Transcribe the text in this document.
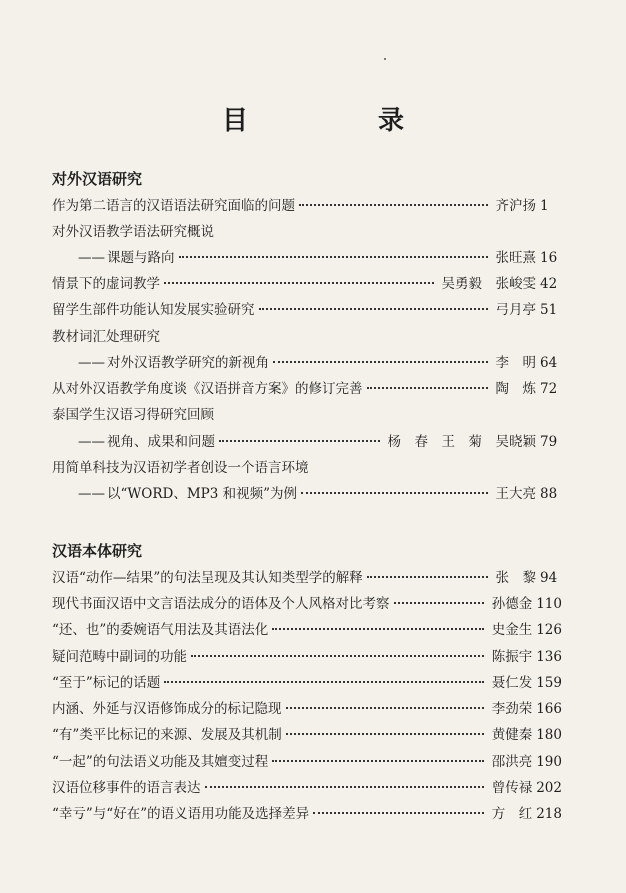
目　录
对外汉语研究
作为第二语言的汉语语法研究面临的问题	齐沪扬 1
对外汉语教学语法研究概说
—— 课题与路向	张旺熹 16
情景下的虚词教学	吴勇毅　张峻雯 42
留学生部件功能认知发展实验研究	弓月亭 51
教材词汇处理研究
—— 对外汉语教学研究的新视角	李　明 64
从对外汉语教学角度谈《汉语拼音方案》的修订完善	陶　炼 72
泰国学生汉语习得研究回顾
—— 视角、成果和问题	杨　春　王　菊　吴晓颖 79
用简单科技为汉语初学者创设一个语言环境
—— 以“WORD、MP3 和视频”为例	王大亮 88
汉语本体研究
汉语“动作—结果”的句法呈现及其认知类型学的解释	张　黎 94
现代书面汉语中文言语法成分的语体及个人风格对比考察	孙德金 110
“还、也”的委婉语气用法及其语法化	史金生 126
疑问范畴中副词的功能	陈振宇 136
“至于”标记的话题	聂仁发 159
内涵、外延与汉语修饰成分的标记隐现	李劲荣 166
“有”类平比标记的来源、发展及其机制	黄健秦 180
“一起”的句法语义功能及其嬗变过程	邵洪亮 190
汉语位移事件的语言表达	曾传禄 202
“幸亏”与“好在”的语义语用功能及选择差异	方　红 218
